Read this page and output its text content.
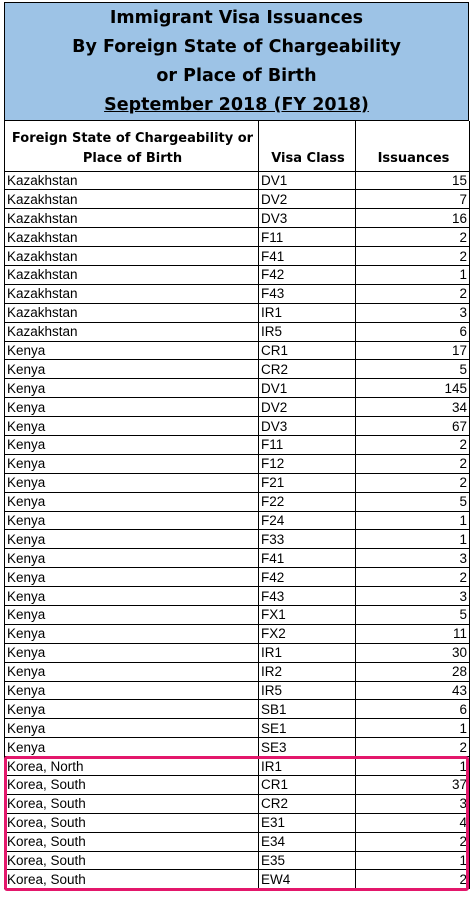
Immigrant Visa Issuances
By Foreign State of Chargeability
or Place of Birth
September 2018 (FY 2018)
Foreign State of Chargeability or Place of Birth	Visa Class	Issuances
Kazakhstan	DV1	15
Kazakhstan	DV2	7
Kazakhstan	DV3	16
Kazakhstan	F11	2
Kazakhstan	F41	2
Kazakhstan	F42	1
Kazakhstan	F43	2
Kazakhstan	IR1	3
Kazakhstan	IR5	6
Kenya	CR1	17
Kenya	CR2	5
Kenya	DV1	145
Kenya	DV2	34
Kenya	DV3	67
Kenya	F11	2
Kenya	F12	2
Kenya	F21	2
Kenya	F22	5
Kenya	F24	1
Kenya	F33	1
Kenya	F41	3
Kenya	F42	2
Kenya	F43	3
Kenya	FX1	5
Kenya	FX2	11
Kenya	IR1	30
Kenya	IR2	28
Kenya	IR5	43
Kenya	SB1	6
Kenya	SE1	1
Kenya	SE3	2
Korea, North	IR1	1
Korea, South	CR1	37
Korea, South	CR2	3
Korea, South	E31	4
Korea, South	E34	2
Korea, South	E35	1
Korea, South	EW4	2
